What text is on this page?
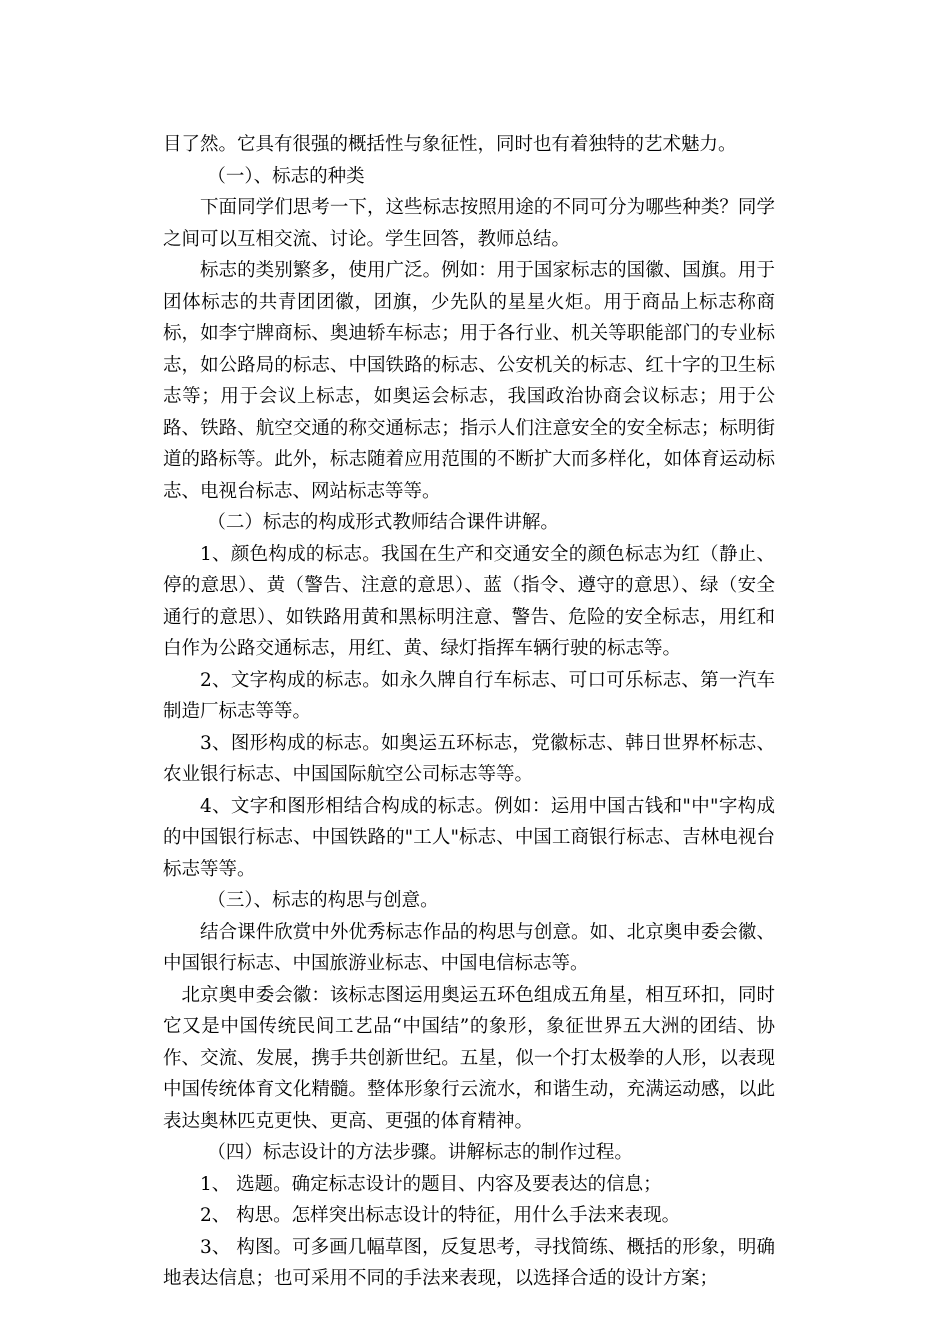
目了然。它具有很强的概括性与象征性，同时也有着独特的艺术魅力。

（一）、标志的种类

下面同学们思考一下，这些标志按照用途的不同可分为哪些种类？同学之间可以互相交流、讨论。学生回答，教师总结。

标志的类别繁多，使用广泛。例如：用于国家标志的国徽、国旗。用于团体标志的共青团团徽，团旗，少先队的星星火炬。用于商品上标志称商标，如李宁牌商标、奥迪轿车标志；用于各行业、机关等职能部门的专业标志，如公路局的标志、中国铁路的标志、公安机关的标志、红十字的卫生标志等；用于会议上标志，如奥运会标志，我国政治协商会议标志；用于公路、铁路、航空交通的称交通标志；指示人们注意安全的安全标志；标明街道的路标等。此外，标志随着应用范围的不断扩大而多样化，如体育运动标志、电视台标志、网站标志等等。

（二）标志的构成形式教师结合课件讲解。

1、颜色构成的标志。我国在生产和交通安全的颜色标志为红（静止、停的意思）、黄（警告、注意的意思）、蓝（指令、遵守的意思）、绿（安全通行的意思）、如铁路用黄和黑标明注意、警告、危险的安全标志，用红和白作为公路交通标志，用红、黄、绿灯指挥车辆行驶的标志等。

2、文字构成的标志。如永久牌自行车标志、可口可乐标志、第一汽车制造厂标志等等。

3、图形构成的标志。如奥运五环标志，党徽标志、韩日世界杯标志、农业银行标志、中国国际航空公司标志等等。

4、文字和图形相结合构成的标志。例如：运用中国古钱和"中"字构成的中国银行标志、中国铁路的"工人"标志、中国工商银行标志、吉林电视台标志等等。

（三）、标志的构思与创意。

结合课件欣赏中外优秀标志作品的构思与创意。如、北京奥申委会徽、中国银行标志、中国旅游业标志、中国电信标志等。

北京奥申委会徽：该标志图运用奥运五环色组成五角星，相互环扣，同时它又是中国传统民间工艺品“中国结”的象形，象征世界五大洲的团结、协作、交流、发展，携手共创新世纪。五星，似一个打太极拳的人形，以表现中国传统体育文化精髓。整体形象行云流水，和谐生动，充满运动感，以此表达奥林匹克更快、更高、更强的体育精神。

（四）标志设计的方法步骤。讲解标志的制作过程。

1、 选题。确定标志设计的题目、内容及要表达的信息；

2、 构思。怎样突出标志设计的特征，用什么手法来表现。

3、 构图。可多画几幅草图，反复思考，寻找简练、概括的形象，明确地表达信息；也可采用不同的手法来表现，以选择合适的设计方案；
